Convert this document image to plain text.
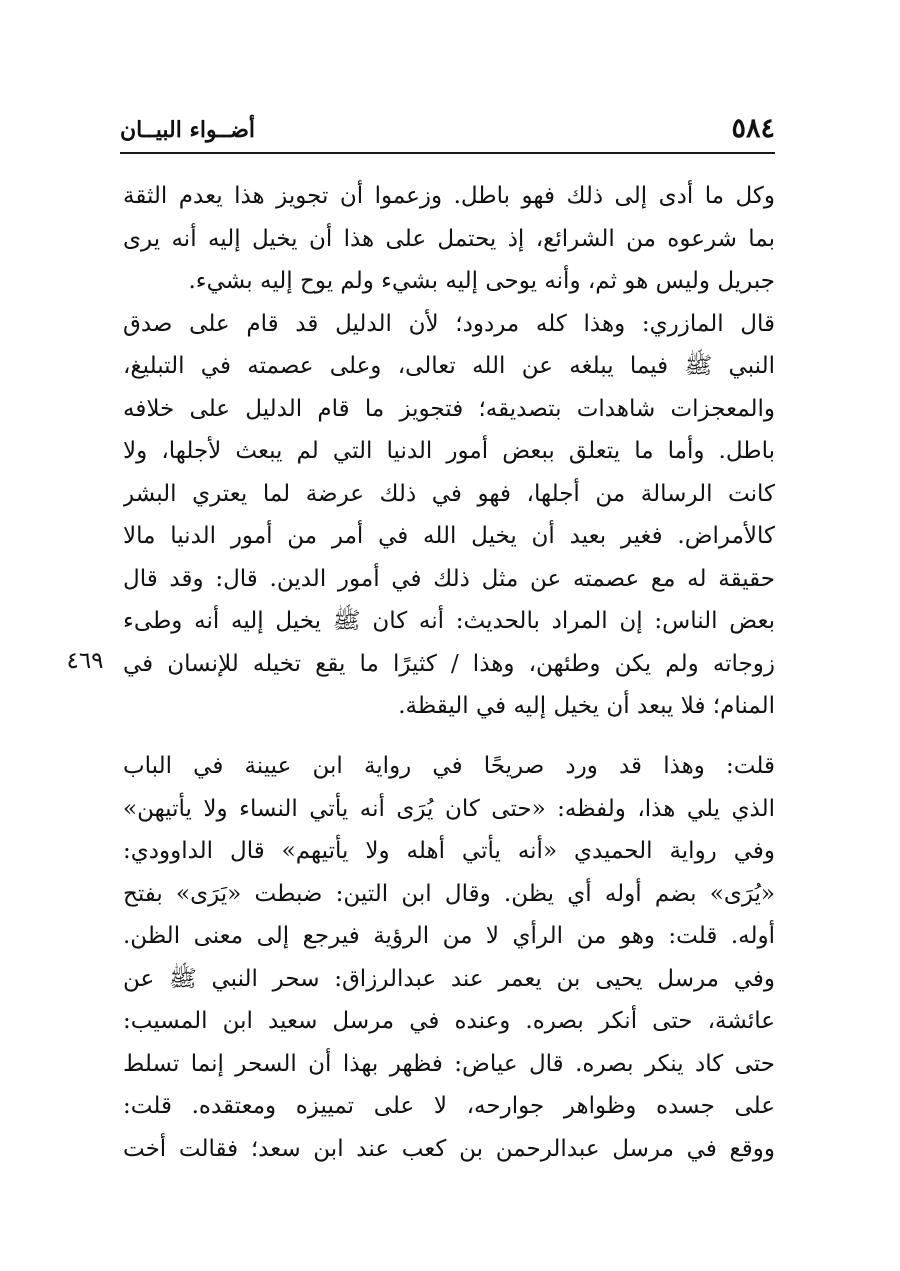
٥٨٤
أضــواء البيــان
٤٦٩
وكل ما أدى إلى ذلك فهو باطل. وزعموا أن تجويز هذا يعدم الثقة
بما شرعوه من الشرائع، إذ يحتمل على هذا أن يخيل إليه أنه يرى
جبريل وليس هو ثم، وأنه يوحى إليه بشيء ولم يوح إليه بشيء.
قال المازري: وهذا كله مردود؛ لأن الدليل قد قام على صدق
النبي ﷺ فيما يبلغه عن الله تعالى، وعلى عصمته في التبليغ،
والمعجزات شاهدات بتصديقه؛ فتجويز ما قام الدليل على خلافه
باطل. وأما ما يتعلق ببعض أمور الدنيا التي لم يبعث لأجلها، ولا
كانت الرسالة من أجلها، فهو في ذلك عرضة لما يعتري البشر
كالأمراض. فغير بعيد أن يخيل الله في أمر من أمور الدنيا مالا
حقيقة له مع عصمته عن مثل ذلك في أمور الدين. قال: وقد قال
بعض الناس: إن المراد بالحديث: أنه كان ﷺ يخيل إليه أنه وطىء
زوجاته ولم يكن وطئهن، وهذا / كثيرًا ما يقع تخيله للإنسان في
المنام؛ فلا يبعد أن يخيل إليه في اليقظة.
قلت: وهذا قد ورد صريحًا في رواية ابن عيينة في الباب
الذي يلي هذا، ولفظه: «حتى كان يُرَى أنه يأتي النساء ولا يأتيهن»
وفي رواية الحميدي «أنه يأتي أهله ولا يأتيهم» قال الداوودي:
«يُرَى» بضم أوله أي يظن. وقال ابن التين: ضبطت «يَرَى» بفتح
أوله. قلت: وهو من الرأي لا من الرؤية فيرجع إلى معنى الظن.
وفي مرسل يحيى بن يعمر عند عبدالرزاق: سحر النبي ﷺ عن
عائشة، حتى أنكر بصره. وعنده في مرسل سعيد ابن المسيب:
حتى كاد ينكر بصره. قال عياض: فظهر بهذا أن السحر إنما تسلط
على جسده وظواهر جوارحه، لا على تمييزه ومعتقده. قلت:
ووقع في مرسل عبدالرحمن بن كعب عند ابن سعد؛ فقالت أخت
